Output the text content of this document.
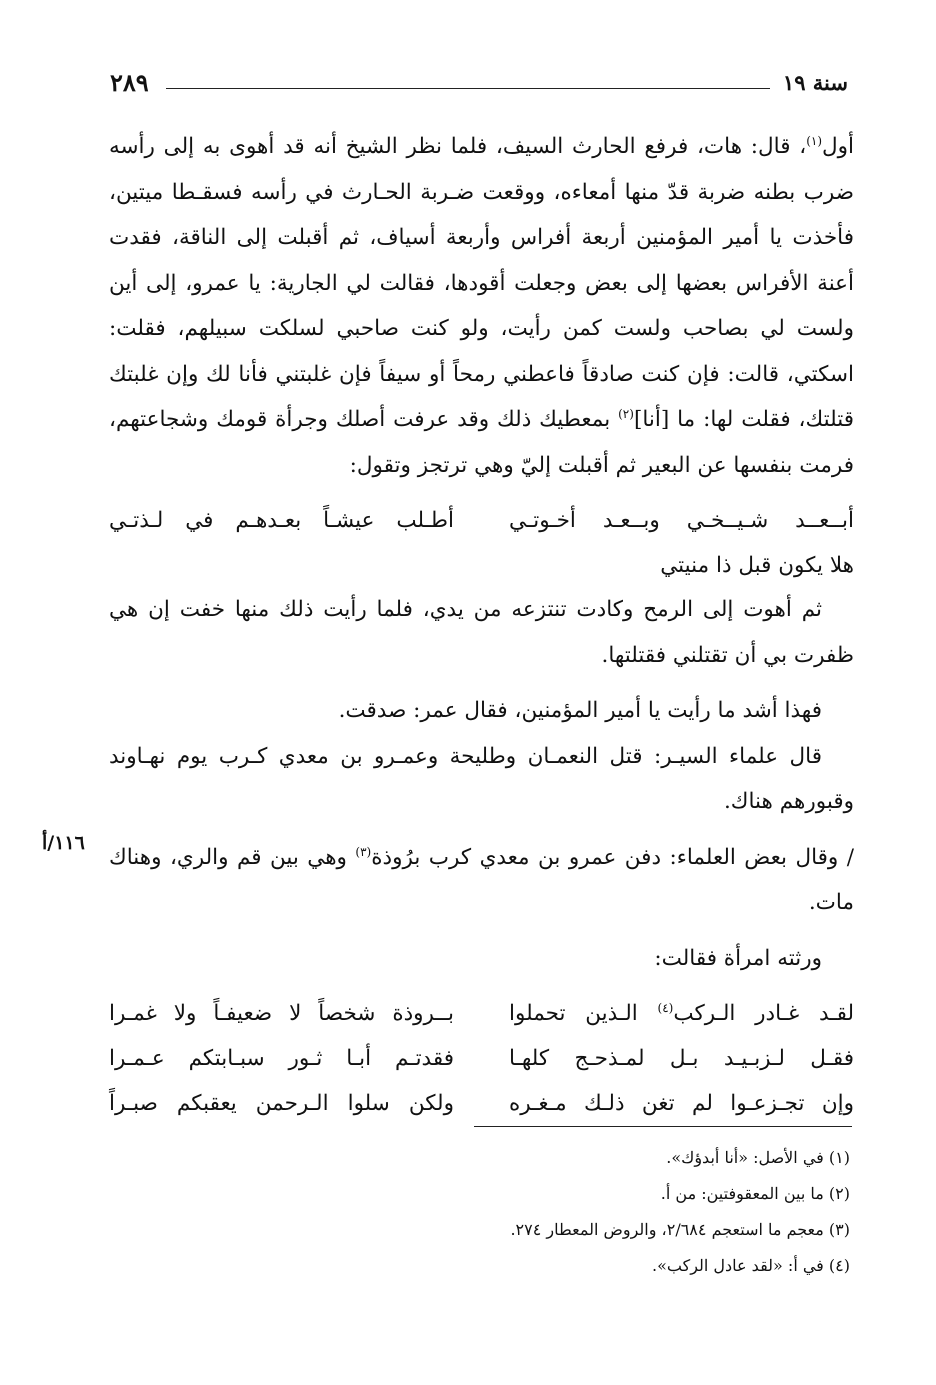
سنة ١٩
٢٨٩

أول$^{(١)}$، قال: هات، فرفع الحارث السيف، فلما نظر الشيخ أنه قد أهوى به إلى رأسه ضرب بطنه ضربة قدّ منها أمعاءه، ووقعت ضـربة الحـارث في رأسه فسقـطا ميتين، فأخذت يا أمير المؤمنين أربعة أفراس وأربعة أسياف، ثم أقبلت إلى الناقة، فقدت أعنة الأفراس بعضها إلى بعض وجعلت أقودها، فقالت لي الجارية: يا عمرو، إلى أين ولست لي بصاحب ولست كمن رأيت، ولو كنت صاحبي لسلكت سبيلهم، فقلت: اسكتي، قالت: فإن كنت صادقاً فاعطني رمحاً أو سيفاً فإن غلبتني فأنا لك وإن غلبتك قتلتك، فقلت لها: ما [أنا]$^{(٢)}$ بمعطيك ذلك وقد عرفت أصلك وجرأة قومك وشجاعتهم، فرمت بنفسها عن البعير ثم أقبلت إليّ وهي ترتجز وتقول:

أبــعــد شـيــخـي وبــعـد أخـوتـي
أطـلب عيشـاً بعـدهـم في لـذتـي
هلا يكون قبل ذا منيتي

ثم أهوت إلى الرمح وكادت تنتزعه من يدي، فلما رأيت ذلك منها خفت إن هي ظفرت بي أن تقتلني فقتلتها.

فهذا أشد ما رأيت يا أمير المؤمنين، فقال عمر: صدقت.

قال علماء السيـر: قتل النعمـان وطليحة وعمـرو بن معدي كـرب يوم نهـاوند وقبورهم هناك.

/ وقال بعض العلماء: دفن عمرو بن معدي كرب برُوذة$^{(٣)}$ وهي بين قم والري، وهناك مات.

ورثته امرأة فقالت:

لقـد غـادر الـركب$^{(٤)}$ الـذين تحملوا
بــروذة شخصاً لا ضعيفـاً ولا غمـرا
فقـل لـزبـيـد بـل لمـذحـج كلهـا
فقدتـم أبـا ثـور سبـابتكم عـمـرا
وإن تجـزعـوا لم تغن ذلـك مـغـره
ولكن سلوا الـرحمن يعقبكم صبـراً
١١٦/أ
(١) في الأصل: «أنا أبدؤك».
(٢) ما بين المعقوفتين: من أ.
(٣) معجم ما استعجم ٢/٦٨٤، والروض المعطار ٢٧٤.
(٤) في أ: «لقد عادل الركب».
